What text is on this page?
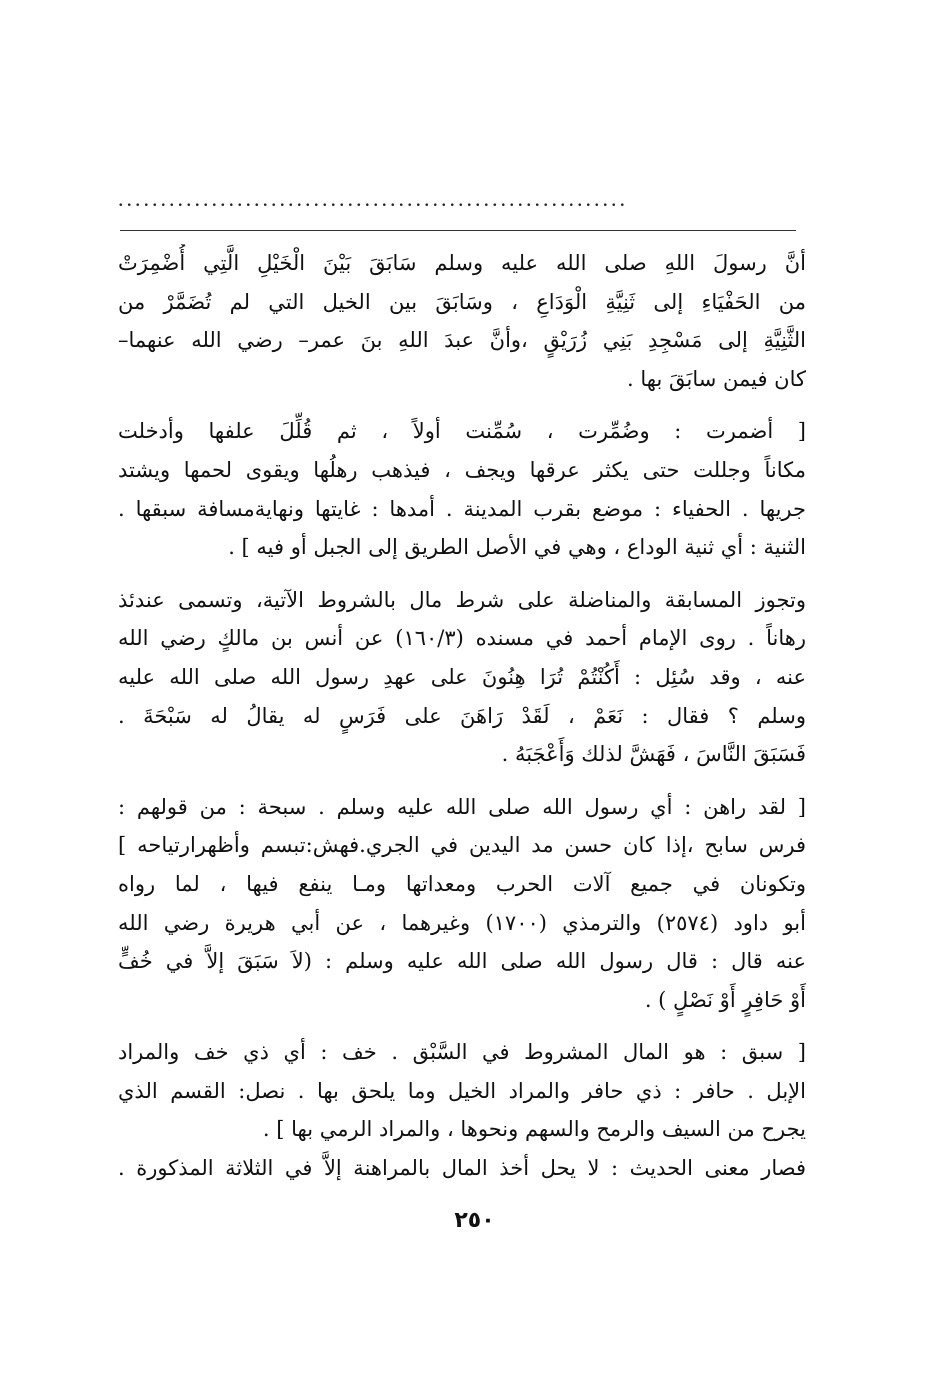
............................................................
أنَّ رسولَ اللهِ صلى الله عليه وسلم سَابَقَ بَيْنَ الْخَيْلِ الَّتِي أُضْمِرَتْ
من الحَفْيَاءِ إلى ثَنِيَّةِ الْوَدَاعِ ، وسَابَقَ بين الخيل التي لم تُضَمَّرْ من
الثَّنِيَّةِ إلى مَسْجِدِ بَنِي زُرَيْقٍ ،وأنَّ عبدَ اللهِ بنَ عمر– رضي الله عنهما–
كان فيمن سابَقَ بها .
[ أضمرت : وضُمِّرت ، سُمِّنت أولاً ، ثم قُلِّلَ علفها وأدخلت
مكاناً وجللت حتى يكثر عرقها ويجف ، فيذهب رهلُها ويقوى لحمها ويشتد
جريها . الحفياء : موضع بقرب المدينة . أمدها : غايتها ونهايةمسافة سبقها .
الثنية : أي ثنية الوداع ، وهي في الأصل الطريق إلى الجبل أو فيه ] .
وتجوز المسابقة والمناضلة على شرط مال بالشروط الآتية، وتسمى عندئذ
رهاناً . روى الإمام أحمد في مسنده (١٦٠/٣) عن أنس بن مالكٍ رضي الله
عنه ، وقد سُئِل : أَكُنْتُمْ تُرَا هِنُونَ على عهدِ رسول الله صلى الله عليه
وسلم ؟ فقال : نَعَمْ ، لَقَدْ رَاهَنَ على فَرَسٍ له يقالُ له سَبْحَةَ .
فَسَبَقَ النَّاسَ ، فَهَشَّ لذلك وَأَعْجَبَهُ .
[ لقد راهن : أي رسول الله صلى الله عليه وسلم . سبحة : من قولهم :
فرس سابح ،إذا كان حسن مد اليدين في الجري.فهش:تبسم وأظهرارتياحه ]
وتكونان في جميع آلات الحرب ومعداتها ومـا ينفع فيها ، لما رواه
أبو داود (٢٥٧٤) والترمذي (١٧٠٠) وغيرهما ، عن أبي هريرة رضي الله
عنه قال : قال رسول الله صلى الله عليه وسلم : (لاَ سَبَقَ إلاَّ في خُفٍّ
أَوْ حَافِرٍ أَوْ نَصْلٍ ) .
[ سبق : هو المال المشروط في السَّبْق . خف : أي ذي خف والمراد
الإبل . حافر : ذي حافر والمراد الخيل وما يلحق بها . نصل: القسم الذي
يجرح من السيف والرمح والسهم ونحوها ، والمراد الرمي بها ] .
فصار معنى الحديث : لا يحل أخذ المال بالمراهنة إلاَّ في الثلاثة المذكورة .
٢٥٠
